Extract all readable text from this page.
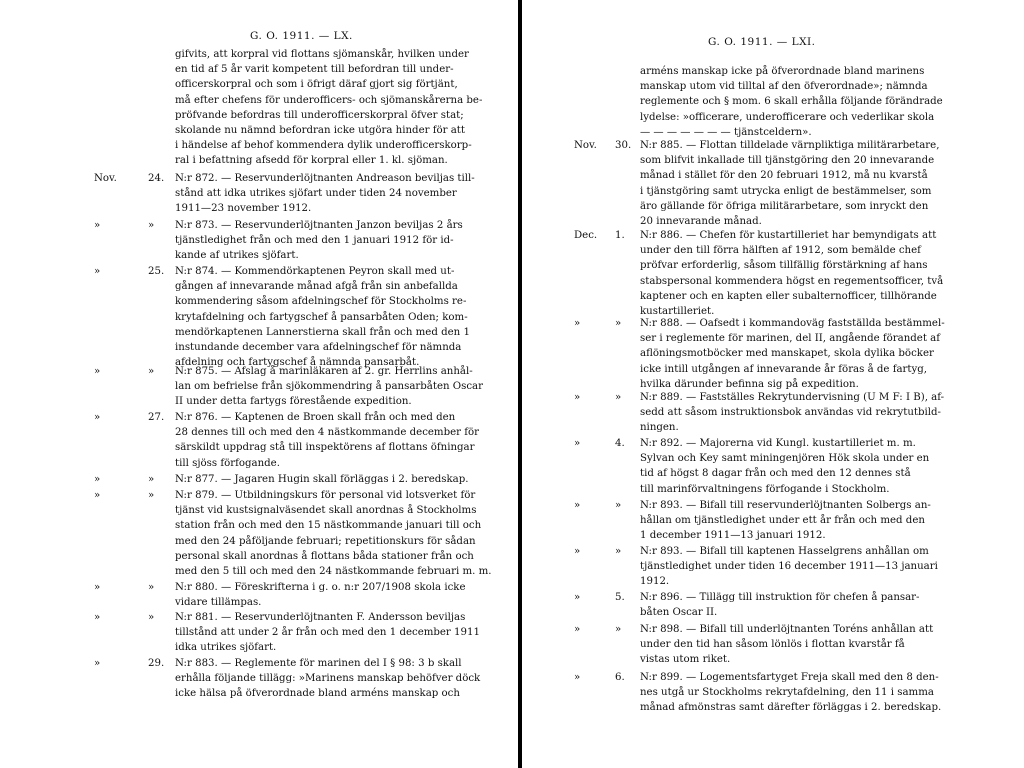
G. O. 1911. — LX.
gifvits, att korpral vid flottans sjömanskår, hvilken under
en tid af 5 år varit kompetent till befordran till under-
officerskorpral och som i öfrigt däraf gjort sig förtjänt,
må efter chefens för underofficers- och sjömanskårerna be-
pröfvande befordras till underofficerskorpral öfver stat;
skolande nu nämnd befordran icke utgöra hinder för att
i händelse af behof kommendera dylik underofficerskorp-
ral i befattning afsedd för korpral eller 1. kl. sjöman.
Nov.	24. N:r 872. — Reservunderlöjtnanten Andreason beviljas till-
stånd att idka utrikes sjöfart under tiden 24 november
1911—23 november 1912.
»	» N:r 873. — Reservunderlöjtnanten Janzon beviljas 2 års
tjänstledighet från och med den 1 januari 1912 för id-
kande af utrikes sjöfart.
»	25. N:r 874. — Kommendörkaptenen Peyron skall med ut-
gången af innevarande månad afgå från sin anbefallda
kommendering såsom afdelningschef för Stockholms re-
krytafdelning och fartygschef å pansarbåten Oden; kom-
mendörkaptenen Lannerstierna skall från och med den 1
instundande december vara afdelningschef för nämnda
afdelning och fartygschef å nämnda pansarbåt.
»	» N:r 875. — Afslag å marinläkaren af 2. gr. Herrlins anhål-
lan om befrielse från sjökommendring å pansarbåten Oscar
II under detta fartygs förestående expedition.
»	27. N:r 876. — Kaptenen de Broen skall från och med den
28 dennes till och med den 4 nästkommande december för
särskildt uppdrag stå till inspektörens af flottans öfningar
till sjöss förfogande.
»	» N:r 877. — Jagaren Hugin skall förläggas i 2. beredskap.
»	» N:r 879. — Utbildningskurs för personal vid lotsverket för
tjänst vid kustsignalväsendet skall anordnas å Stockholms
station från och med den 15 nästkommande januari till och
med den 24 påföljande februari; repetitionskurs för sådan
personal skall anordnas å flottans båda stationer från och
med den 5 till och med den 24 nästkommande februari m. m.
»	» N:r 880. — Föreskrifterna i g. o. n:r 207/1908 skola icke
vidare tillämpas.
»	» N:r 881. — Reservunderlöjtnanten F. Andersson beviljas
tillstånd att under 2 år från och med den 1 december 1911
idka utrikes sjöfart.
»	29. N:r 883. — Reglemente för marinen del I § 98: 3 b skall
erhålla följande tillägg: »Marinens manskap behöfver döck
icke hälsa på öfverordnade bland arméns manskap och
G. O. 1911. — LXI.
arméns manskap icke på öfverordnade bland marinens
manskap utom vid tilltal af den öfverordnade»; nämnda
reglemente och § mom. 6 skall erhålla följande förändrade
lydelse: »officerare, underofficerare och vederlikar skola
— — — — — — — tjänstceldern».
Nov. 30. N:r 885. — Flottan tilldelade värnpliktiga militärarbetare,
som blifvit inkallade till tjänstgöring den 20 innevarande
månad i stället för den 20 februari 1912, må nu kvarstå
i tjänstgöring samt utrycka enligt de bestämmelser, som
äro gällande för öfriga militärarbetare, som inryckt den
20 innevarande månad.
Dec. 1. N:r 886. — Chefen för kustartilleriet har bemyndigats att
under den till förra hälften af 1912, som bemälde chef
pröfvar erforderlig, såsom tillfällig förstärkning af hans
stabspersonal kommendera högst en regementsofficer, två
kaptener och en kapten eller subalternofficer, tillhörande
kustartilleriet.
»	» N:r 888. — Oafsedt i kommandoväg fastställda bestämmel-
ser i reglemente för marinen, del II, angående förandet af
aflöningsmotböcker med manskapet, skola dylika böcker
icke intill utgången af innevarande år föras å de fartyg,
hvilka därunder befinna sig på expedition.
»	» N:r 889. — Fastställes Rekrytundervisning (U M F: I B), af-
sedd att såsom instruktionsbok användas vid rekrytutbild-
ningen.
»	4. N:r 892. — Majorerna vid Kungl. kustartilleriet m. m.
Sylvan och Key samt miningenjören Hök skola under en
tid af högst 8 dagar från och med den 12 dennes stå
till marinförvaltningens förfogande i Stockholm.
»	» N:r 893. — Bifall till reservunderlöjtnanten Solbergs an-
hållan om tjänstledighet under ett år från och med den
1 december 1911—13 januari 1912.
»	» N:r 893. — Bifall till kaptenen Hasselgrens anhållan om
tjänstledighet under tiden 16 december 1911—13 januari
1912.
»	5. N:r 896. — Tillägg till instruktion för chefen å pansar-
båten Oscar II.
»	» N:r 898. — Bifall till underlöjtnanten Toréns anhållan att
under den tid han såsom lönlös i flottan kvarstår få
vistas utom riket.
»	6. N:r 899. — Logementsfartyget Freja skall med den 8 den-
nes utgå ur Stockholms rekrytafdelning, den 11 i samma
månad afmönstras samt därefter förläggas i 2. beredskap.
